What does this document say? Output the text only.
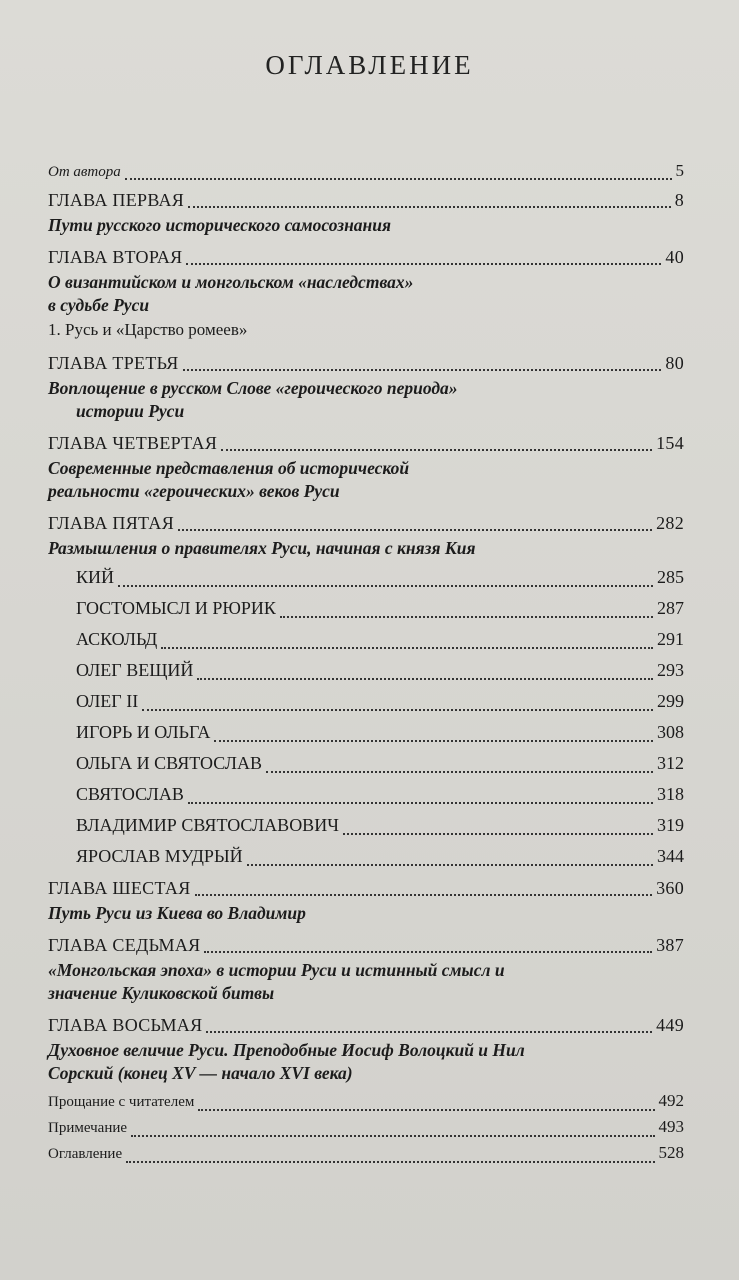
ОГЛАВЛЕНИЕ
От автора	5
ГЛАВА ПЕРВАЯ	8
Пути русского исторического самосознания
ГЛАВА ВТОРАЯ	40
О византийском и монгольском «наследствах»
в судьбе Руси
1. Русь и «Царство ромеев»
ГЛАВА ТРЕТЬЯ	80
Воплощение в русском Слове «героического периода»
истории Руси
ГЛАВА ЧЕТВЕРТАЯ	154
Современные представления об исторической
реальности «героических» веков Руси
ГЛАВА ПЯТАЯ	282
Размышления о правителях Руси, начиная с князя Кия
КИЙ	285
ГОСТОМЫСЛ И РЮРИК	287
АСКОЛЬД	291
ОЛЕГ ВЕЩИЙ	293
ОЛЕГ II	299
ИГОРЬ И ОЛЬГА	308
ОЛЬГА И СВЯТОСЛАВ	312
СВЯТОСЛАВ	318
ВЛАДИМИР СВЯТОСЛАВОВИЧ	319
ЯРОСЛАВ МУДРЫЙ	344
ГЛАВА ШЕСТАЯ	360
Путь Руси из Киева во Владимир
ГЛАВА СЕДЬМАЯ	387
«Монгольская эпоха» в истории Руси и истинный смысл и
значение Куликовской битвы
ГЛАВА ВОСЬМАЯ	449
Духовное величие Руси. Преподобные Иосиф Волоцкий и Нил
Сорский (конец XV — начало XVI века)
Прощание с читателем	492
Примечание	493
Оглавление	528
